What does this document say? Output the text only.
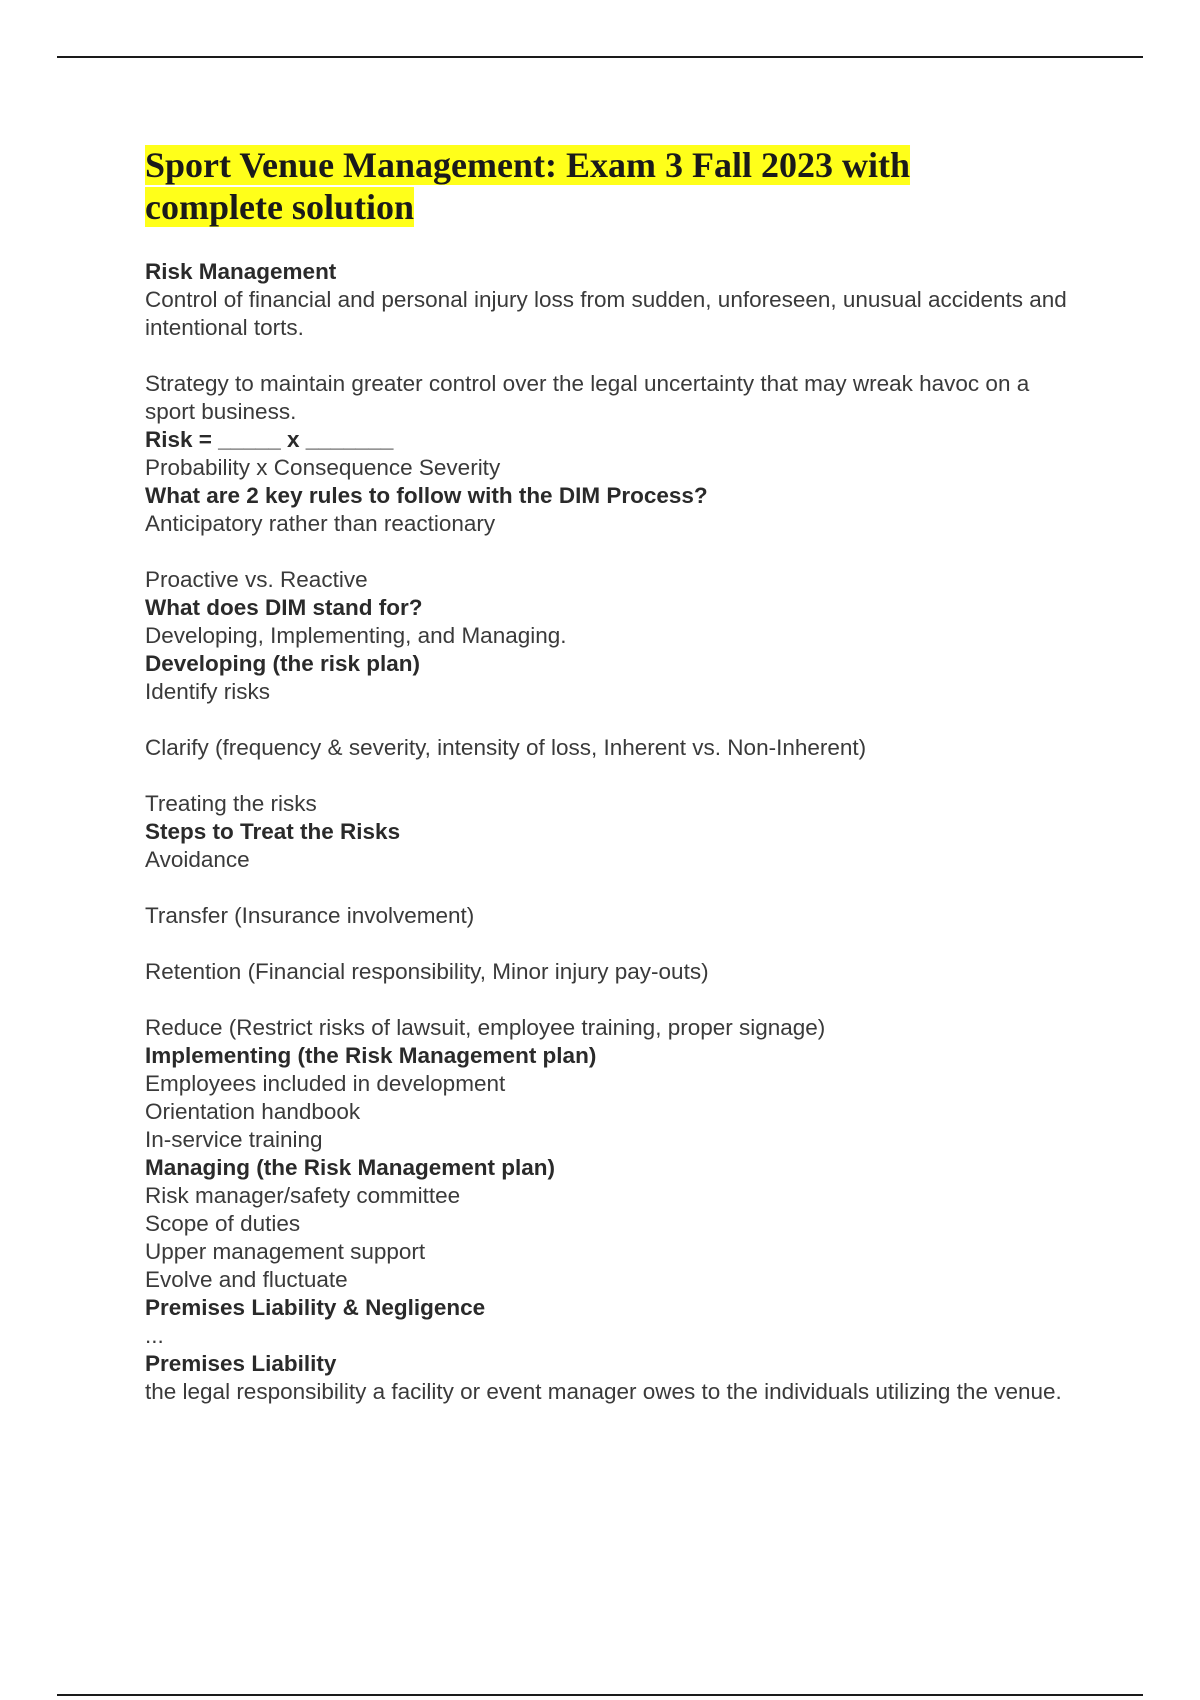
Sport Venue Management: Exam 3 Fall 2023 with complete solution

Risk Management

Control of financial and personal injury loss from sudden, unforeseen, unusual accidents and intentional torts.

Strategy to maintain greater control over the legal uncertainty that may wreak havoc on a sport business.

Risk = _____ x _______

Probability x Consequence Severity

What are 2 key rules to follow with the DIM Process?

Anticipatory rather than reactionary

Proactive vs. Reactive

What does DIM stand for?

Developing, Implementing, and Managing.

Developing (the risk plan)

Identify risks

Clarify (frequency & severity, intensity of loss, Inherent vs. Non-Inherent)

Treating the risks

Steps to Treat the Risks

Avoidance

Transfer (Insurance involvement)

Retention (Financial responsibility, Minor injury pay-outs)

Reduce (Restrict risks of lawsuit, employee training, proper signage)

Implementing (the Risk Management plan)

Employees included in development

Orientation handbook

In-service training

Managing (the Risk Management plan)

Risk manager/safety committee

Scope of duties

Upper management support

Evolve and fluctuate

Premises Liability & Negligence

...

Premises Liability

the legal responsibility a facility or event manager owes to the individuals utilizing the venue.
